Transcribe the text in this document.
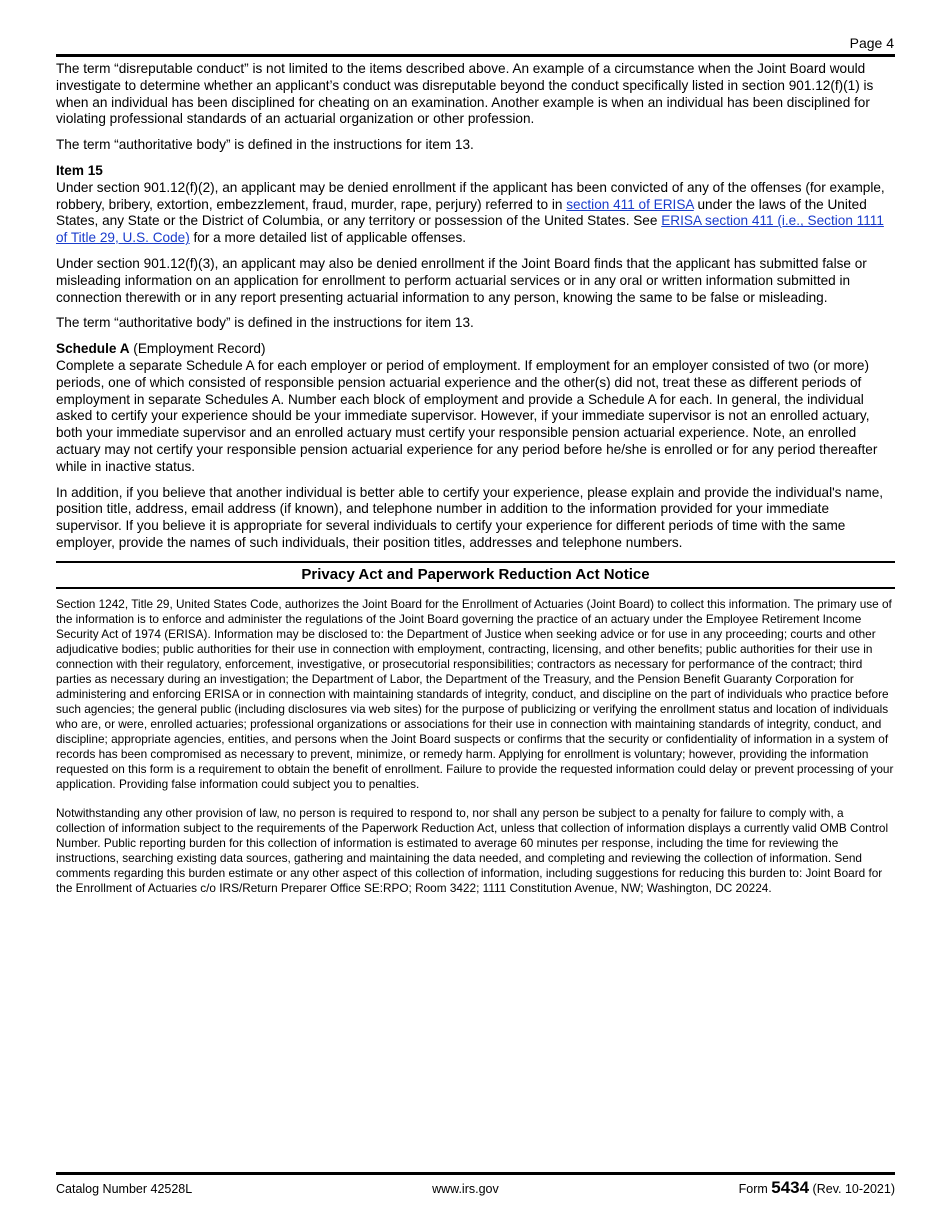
Page 4

The term “disreputable conduct” is not limited to the items described above. An example of a circumstance when the Joint Board would investigate to determine whether an applicant’s conduct was disreputable beyond the conduct specifically listed in section 901.12(f)(1) is when an individual has been disciplined for cheating on an examination. Another example is when an individual has been disciplined for violating professional standards of an actuarial organization or other profession.

The term “authoritative body” is defined in the instructions for item 13.

Item 15
Under section 901.12(f)(2), an applicant may be denied enrollment if the applicant has been convicted of any of the offenses (for example, robbery, bribery, extortion, embezzlement, fraud, murder, rape, perjury) referred to in section 411 of ERISA under the laws of the United States, any State or the District of Columbia, or any territory or possession of the United States. See ERISA section 411 (i.e., Section 1111 of Title 29, U.S. Code) for a more detailed list of applicable offenses.

Under section 901.12(f)(3), an applicant may also be denied enrollment if the Joint Board finds that the applicant has submitted false or misleading information on an application for enrollment to perform actuarial services or in any oral or written information submitted in connection therewith or in any report presenting actuarial information to any person, knowing the same to be false or misleading.

The term “authoritative body” is defined in the instructions for item 13.

Schedule A (Employment Record)
Complete a separate Schedule A for each employer or period of employment. If employment for an employer consisted of two (or more) periods, one of which consisted of responsible pension actuarial experience and the other(s) did not, treat these as different periods of employment in separate Schedules A. Number each block of employment and provide a Schedule A for each. In general, the individual asked to certify your experience should be your immediate supervisor. However, if your immediate supervisor is not an enrolled actuary, both your immediate supervisor and an enrolled actuary must certify your responsible pension actuarial experience. Note, an enrolled actuary may not certify your responsible pension actuarial experience for any period before he/she is enrolled or for any period thereafter while in inactive status.

In addition, if you believe that another individual is better able to certify your experience, please explain and provide the individual's name, position title, address, email address (if known), and telephone number in addition to the information provided for your immediate supervisor. If you believe it is appropriate for several individuals to certify your experience for different periods of time with the same employer, provide the names of such individuals, their position titles, addresses and telephone numbers.

Privacy Act and Paperwork Reduction Act Notice

Section 1242, Title 29, United States Code, authorizes the Joint Board for the Enrollment of Actuaries (Joint Board) to collect this information. The primary use of the information is to enforce and administer the regulations of the Joint Board governing the practice of an actuary under the Employee Retirement Income Security Act of 1974 (ERISA). Information may be disclosed to: the Department of Justice when seeking advice or for use in any proceeding; courts and other adjudicative bodies; public authorities for their use in connection with employment, contracting, licensing, and other benefits; public authorities for their use in connection with their regulatory, enforcement, investigative, or prosecutorial responsibilities; contractors as necessary for performance of the contract; third parties as necessary during an investigation; the Department of Labor, the Department of the Treasury, and the Pension Benefit Guaranty Corporation for administering and enforcing ERISA or in connection with maintaining standards of integrity, conduct, and discipline on the part of individuals who practice before such agencies; the general public (including disclosures via web sites) for the purpose of publicizing or verifying the enrollment status and location of individuals who are, or were, enrolled actuaries; professional organizations or associations for their use in connection with maintaining standards of integrity, conduct, and discipline; appropriate agencies, entities, and persons when the Joint Board suspects or confirms that the security or confidentiality of information in a system of records has been compromised as necessary to prevent, minimize, or remedy harm. Applying for enrollment is voluntary; however, providing the information requested on this form is a requirement to obtain the benefit of enrollment. Failure to provide the requested information could delay or prevent processing of your application. Providing false information could subject you to penalties.

Notwithstanding any other provision of law, no person is required to respond to, nor shall any person be subject to a penalty for failure to comply with, a collection of information subject to the requirements of the Paperwork Reduction Act, unless that collection of information displays a currently valid OMB Control Number. Public reporting burden for this collection of information is estimated to average 60 minutes per response, including the time for reviewing the instructions, searching existing data sources, gathering and maintaining the data needed, and completing and reviewing the collection of information. Send comments regarding this burden estimate or any other aspect of this collection of information, including suggestions for reducing this burden to: Joint Board for the Enrollment of Actuaries c/o IRS/Return Preparer Office SE:RPO; Room 3422; 1111 Constitution Avenue, NW; Washington, DC 20224.

Catalog Number 42528L	www.irs.gov	Form 5434 (Rev. 10-2021)
